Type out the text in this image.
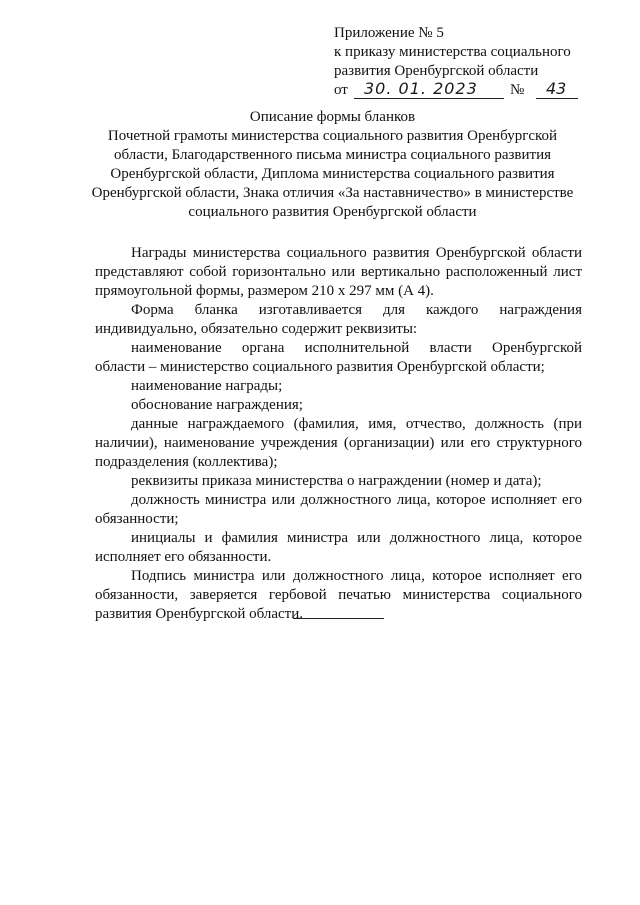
Приложение № 5
к приказу министерства социального
развития Оренбургской области
от 30. 01. 2023 № 43
Описание формы бланков
Почетной грамоты министерства социального развития Оренбургской
области, Благодарственного письма министра социального развития
Оренбургской области, Диплома министерства социального развития
Оренбургской области, Знака отличия «За наставничество» в министерстве
социального развития Оренбургской области

Награды министерства социального развития Оренбургской области
представляют собой горизонтально или вертикально расположенный лист
прямоугольной формы, размером 210 х 297 мм (А 4).

Форма бланка изготавливается для каждого награждения
индивидуально, обязательно содержит реквизиты:

наименование органа исполнительной власти Оренбургской
области – министерство социального развития Оренбургской области;

наименование награды;

обоснование награждения;

данные награждаемого (фамилия, имя, отчество, должность (при
наличии), наименование учреждения (организации) или его структурного
подразделения (коллектива);

реквизиты приказа министерства о награждении (номер и дата);

должность министра или должностного лица, которое исполняет его
обязанности;

инициалы и фамилия министра или должностного лица, которое
исполняет его обязанности.

Подпись министра или должностного лица, которое исполняет его
обязанности, заверяется гербовой печатью министерства социального
развития Оренбургской области.
